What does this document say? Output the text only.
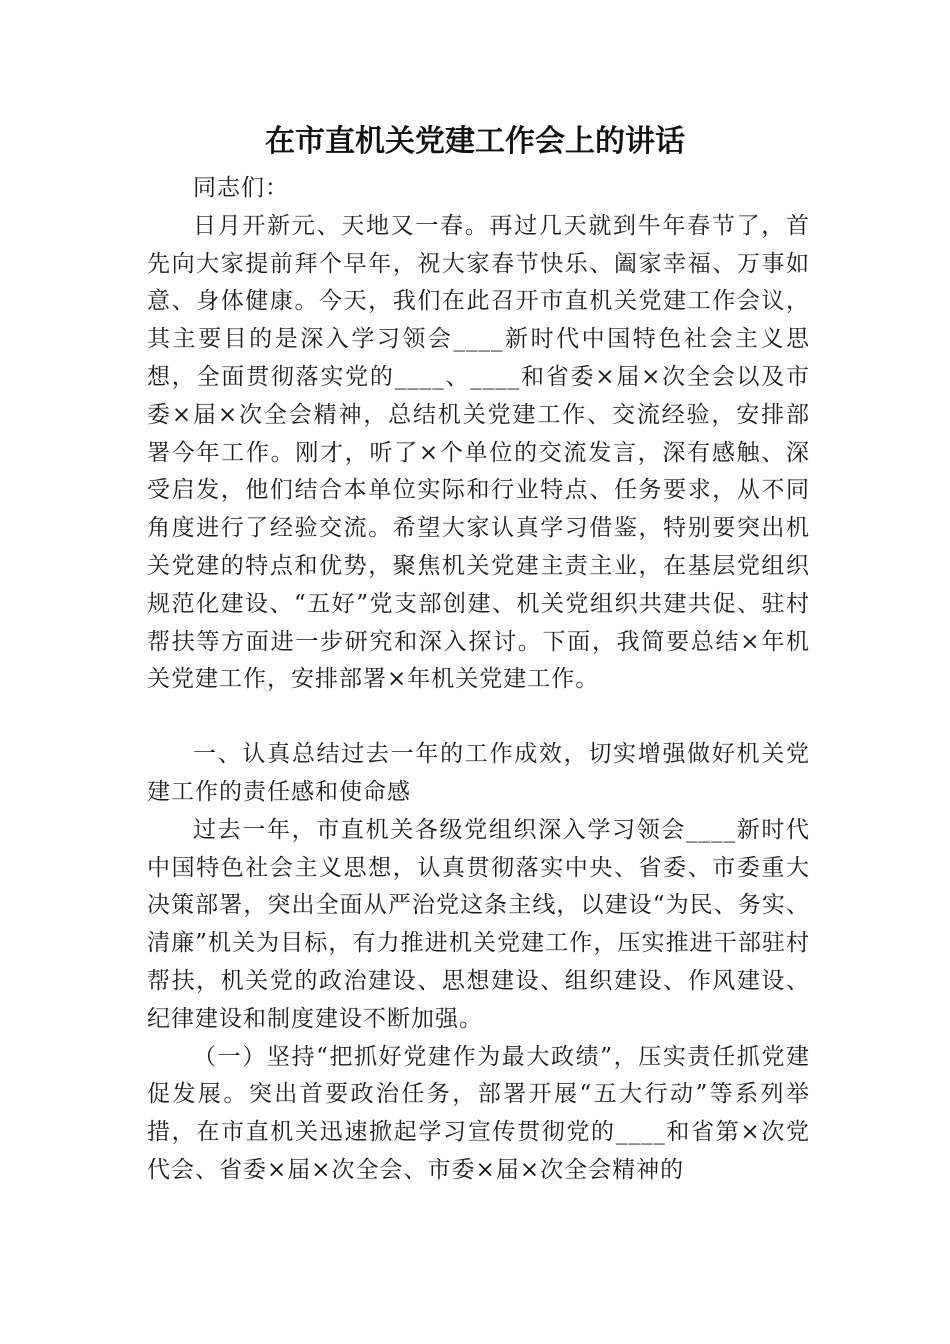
在市直机关党建工作会上的讲话

同志们：

日月开新元、天地又一春。再过几天就到牛年春节了，首先向大家提前拜个早年，祝大家春节快乐、阖家幸福、万事如意、身体健康。今天，我们在此召开市直机关党建工作会议，其主要目的是深入学习领会____新时代中国特色社会主义思想，全面贯彻落实党的____、____和省委×届×次全会以及市委×届×次全会精神，总结机关党建工作、交流经验，安排部署今年工作。刚才，听了×个单位的交流发言，深有感触、深受启发，他们结合本单位实际和行业特点、任务要求，从不同角度进行了经验交流。希望大家认真学习借鉴，特别要突出机关党建的特点和优势，聚焦机关党建主责主业，在基层党组织规范化建设、“五好”党支部创建、机关党组织共建共促、驻村帮扶等方面进一步研究和深入探讨。下面，我简要总结×年机关党建工作，安排部署×年机关党建工作。

一、认真总结过去一年的工作成效，切实增强做好机关党建工作的责任感和使命感

过去一年，市直机关各级党组织深入学习领会____新时代中国特色社会主义思想，认真贯彻落实中央、省委、市委重大决策部署，突出全面从严治党这条主线，以建设“为民、务实、清廉”机关为目标，有力推进机关党建工作，压实推进干部驻村帮扶，机关党的政治建设、思想建设、组织建设、作风建设、纪律建设和制度建设不断加强。

（一）坚持“把抓好党建作为最大政绩”，压实责任抓党建促发展。突出首要政治任务，部署开展“五大行动”等系列举措，在市直机关迅速掀起学习宣传贯彻党的____和省第×次党代会、省委×届×次全会、市委×届×次全会精神的
